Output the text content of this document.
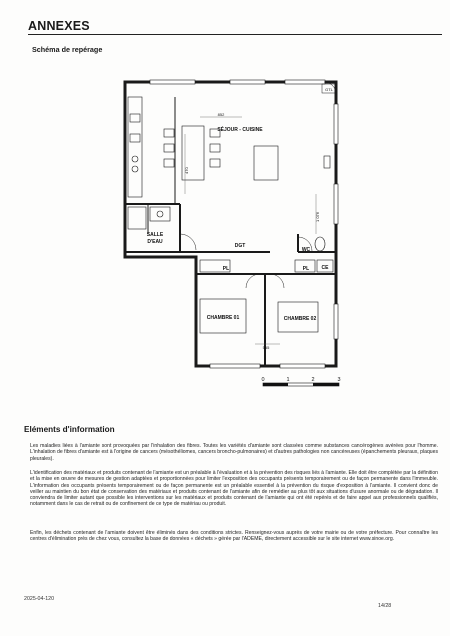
ANNEXES
Schéma de repérage
852
470
1 076
555
GTL
SÉJOUR - CUISINE
SALLE
D'EAU
DGT
WC
PL	PL CE
CHAMBRE 01	CHAMBRE 02
0	1	2	3
Eléments d'information
Les maladies liées à l'amiante sont provoquées par l'inhalation des fibres. Toutes les variétés d'amiante sont classées comme substances cancérogènes avérées pour l'homme. L'inhalation de fibres d'amiante est à l'origine de cancers (mésothéliomes, cancers broncho-pulmonaires) et d'autres pathologies non cancéreuses (épanchements pleuraux, plaques pleurales).
L'identification des matériaux et produits contenant de l'amiante est un préalable à l'évaluation et à la prévention des risques liés à l'amiante. Elle doit être complétée par la définition et la mise en œuvre de mesures de gestion adaptées et proportionnées pour limiter l'exposition des occupants présents temporairement ou de façon permanente dans l'immeuble. L'information des occupants présents temporairement ou de façon permanente est un préalable essentiel à la prévention du risque d'exposition à l'amiante. Il convient donc de veiller au maintien du bon état de conservation des matériaux et produits contenant de l'amiante afin de remédier au plus tôt aux situations d'usure anormale ou de dégradation. Il conviendra de limiter autant que possible les interventions sur les matériaux et produits contenant de l'amiante qui ont été repérés et de faire appel aux professionnels qualifiés, notamment dans le cas de retrait ou de confinement de ce type de matériau ou produit.
Enfin, les déchets contenant de l'amiante doivent être éliminés dans des conditions strictes. Renseignez-vous auprès de votre mairie ou de votre préfecture. Pour connaître les centres d'élimination près de chez vous, consultez la base de données « déchets » gérée par l'ADEME, directement accessible sur le site internet www.sinoe.org.
2025-04-120
14/28
